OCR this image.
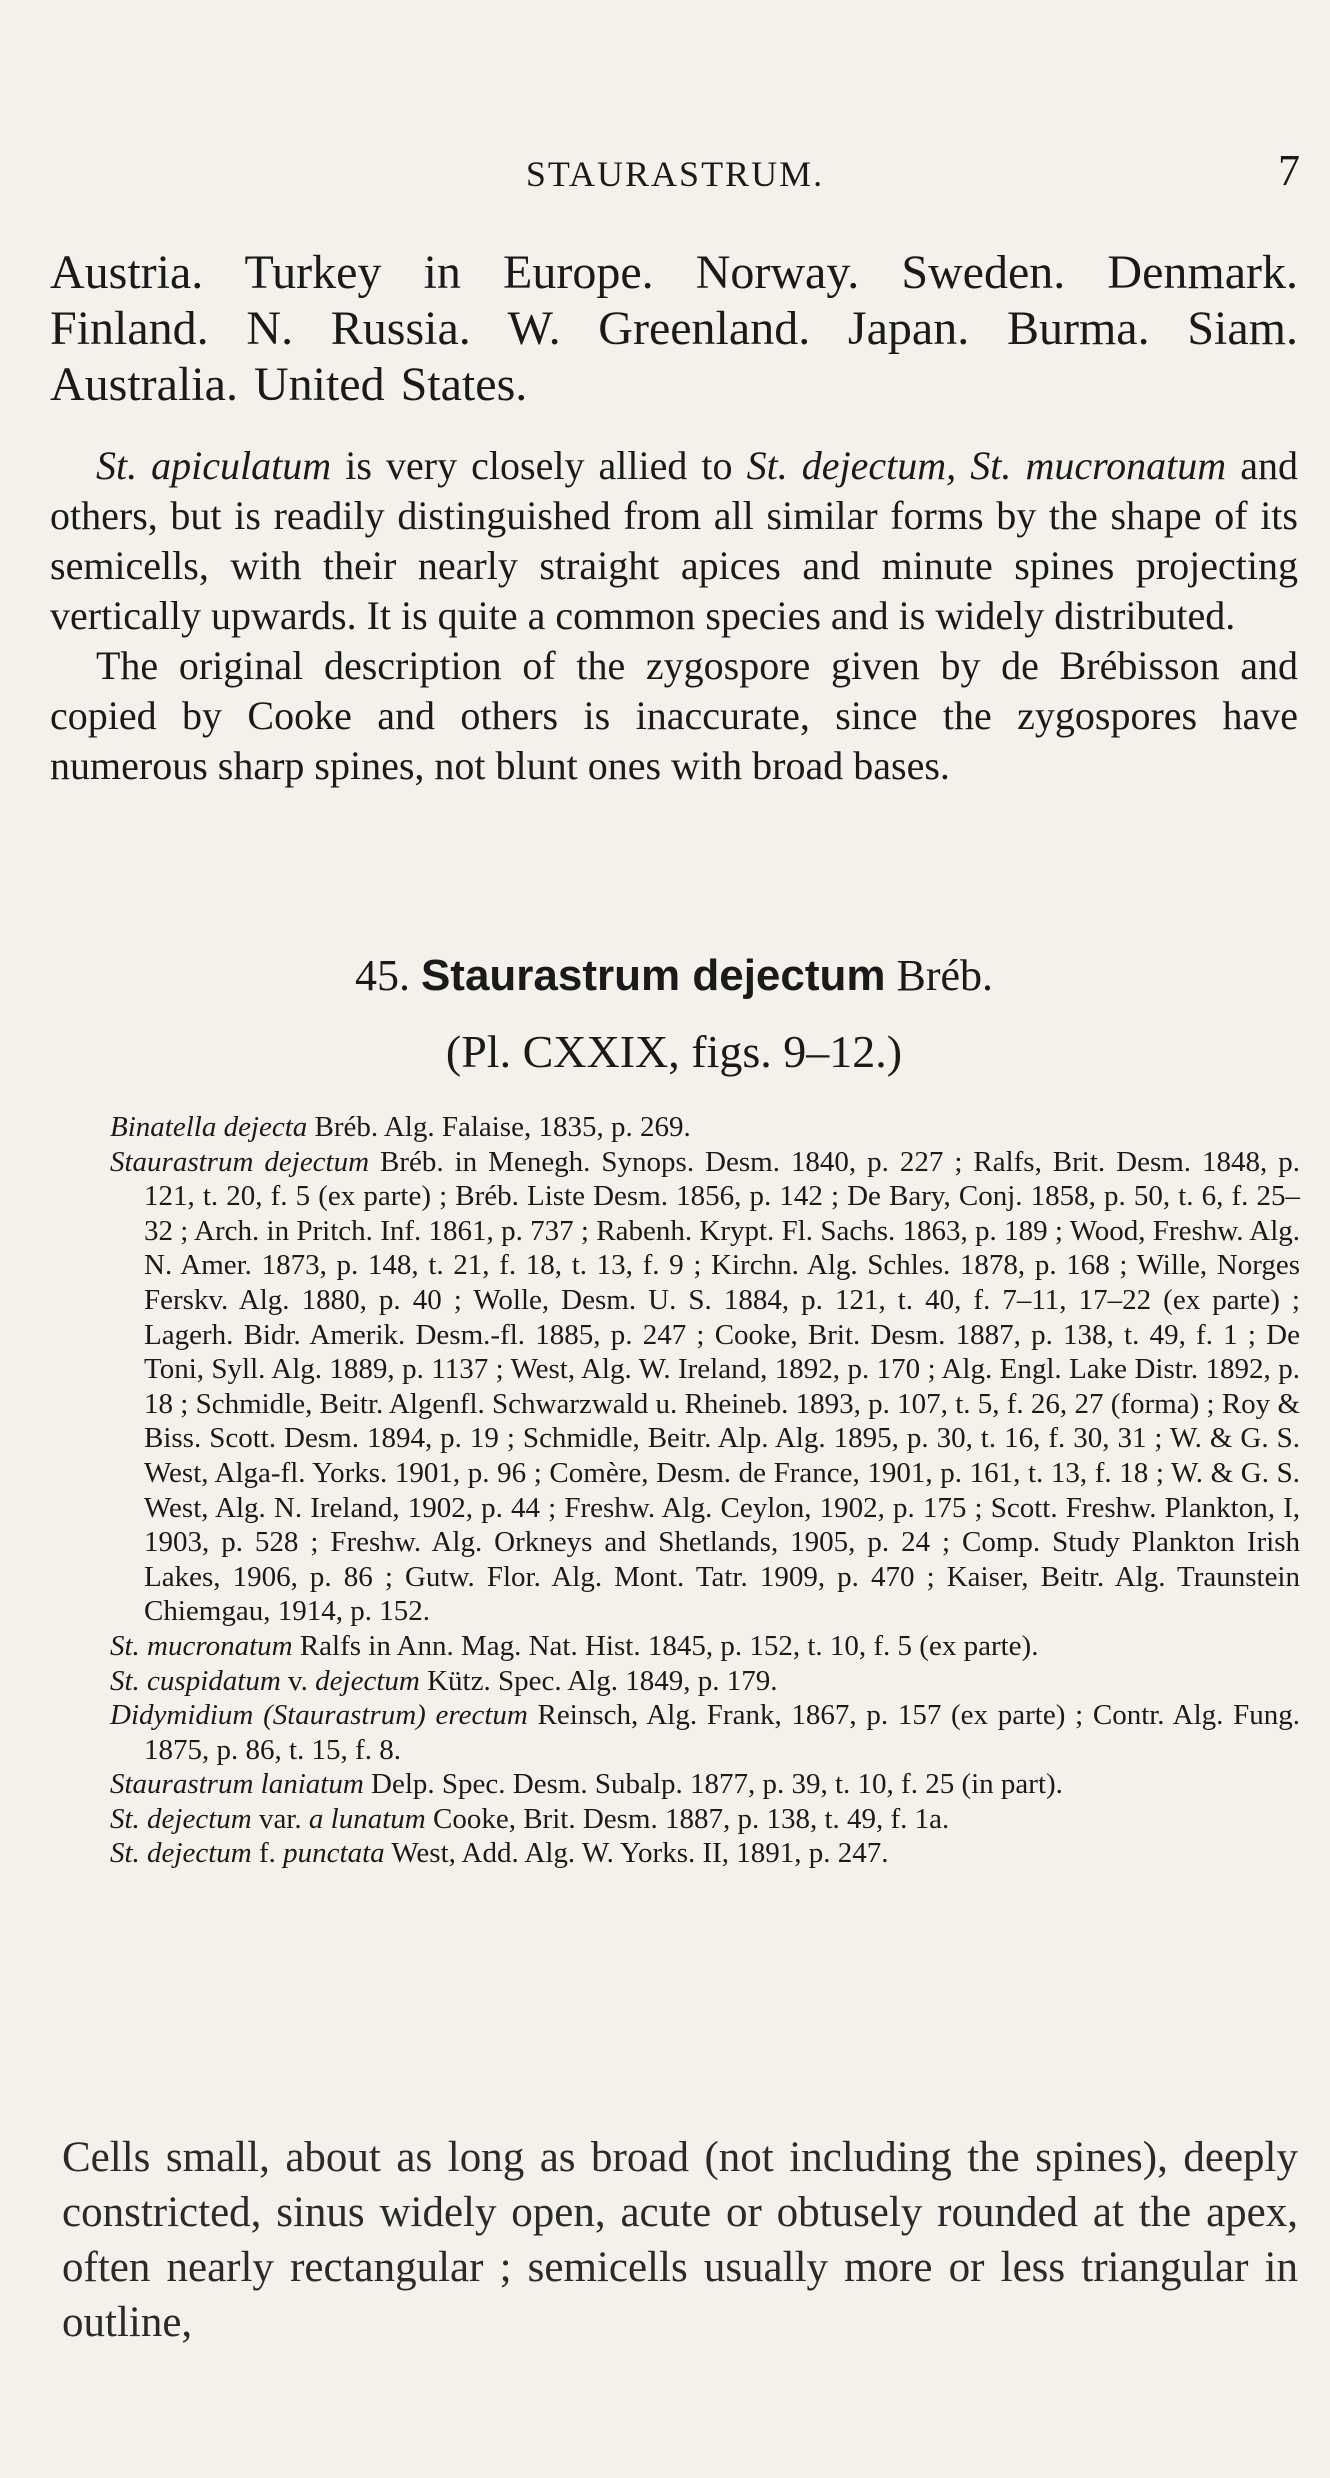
STAURASTRUM.	7

Austria. Turkey in Europe. Norway. Sweden. Denmark. Finland. N. Russia. W. Greenland. Japan. Burma. Siam. Australia. United States.

St. apiculatum is very closely allied to St. dejectum, St. mucronatum and others, but is readily distinguished from all similar forms by the shape of its semicells, with their nearly straight apices and minute spines projecting vertically upwards. It is quite a common species and is widely distributed.

The original description of the zygospore given by de Brébisson and copied by Cooke and others is inaccurate, since the zygospores have numerous sharp spines, not blunt ones with broad bases.

45. Staurastrum dejectum Bréb.
(Pl. CXXIX, figs. 9–12.)

Binatella dejecta Bréb. Alg. Falaise, 1835, p. 269.

Staurastrum dejectum Bréb. in Menegh. Synops. Desm. 1840, p. 227 ; Ralfs, Brit. Desm. 1848, p. 121, t. 20, f. 5 (ex parte) ; Bréb. Liste Desm. 1856, p. 142 ; De Bary, Conj. 1858, p. 50, t. 6, f. 25–32 ; Arch. in Pritch. Inf. 1861, p. 737 ; Rabenh. Krypt. Fl. Sachs. 1863, p. 189 ; Wood, Freshw. Alg. N. Amer. 1873, p. 148, t. 21, f. 18, t. 13, f. 9 ; Kirchn. Alg. Schles. 1878, p. 168 ; Wille, Norges Ferskv. Alg. 1880, p. 40 ; Wolle, Desm. U. S. 1884, p. 121, t. 40, f. 7–11, 17–22 (ex parte) ; Lagerh. Bidr. Amerik. Desm.-fl. 1885, p. 247 ; Cooke, Brit. Desm. 1887, p. 138, t. 49, f. 1 ; De Toni, Syll. Alg. 1889, p. 1137 ; West, Alg. W. Ireland, 1892, p. 170 ; Alg. Engl. Lake Distr. 1892, p. 18 ; Schmidle, Beitr. Algenfl. Schwarzwald u. Rheineb. 1893, p. 107, t. 5, f. 26, 27 (forma) ; Roy & Biss. Scott. Desm. 1894, p. 19 ; Schmidle, Beitr. Alp. Alg. 1895, p. 30, t. 16, f. 30, 31 ; W. & G. S. West, Alga-fl. Yorks. 1901, p. 96 ; Comère, Desm. de France, 1901, p. 161, t. 13, f. 18 ; W. & G. S. West, Alg. N. Ireland, 1902, p. 44 ; Freshw. Alg. Ceylon, 1902, p. 175 ; Scott. Freshw. Plankton, I, 1903, p. 528 ; Freshw. Alg. Orkneys and Shetlands, 1905, p. 24 ; Comp. Study Plankton Irish Lakes, 1906, p. 86 ; Gutw. Flor. Alg. Mont. Tatr. 1909, p. 470 ; Kaiser, Beitr. Alg. Traunstein Chiemgau, 1914, p. 152.

St. mucronatum Ralfs in Ann. Mag. Nat. Hist. 1845, p. 152, t. 10, f. 5 (ex parte).

St. cuspidatum v. dejectum Kütz. Spec. Alg. 1849, p. 179.

Didymidium (Staurastrum) erectum Reinsch, Alg. Frank, 1867, p. 157 (ex parte) ; Contr. Alg. Fung. 1875, p. 86, t. 15, f. 8.

Staurastrum laniatum Delp. Spec. Desm. Subalp. 1877, p. 39, t. 10, f. 25 (in part).

St. dejectum var. a lunatum Cooke, Brit. Desm. 1887, p. 138, t. 49, f. 1a.

St. dejectum f. punctata West, Add. Alg. W. Yorks. II, 1891, p. 247.

Cells small, about as long as broad (not including the spines), deeply constricted, sinus widely open, acute or obtusely rounded at the apex, often nearly rectangular ; semicells usually more or less triangular in outline,
